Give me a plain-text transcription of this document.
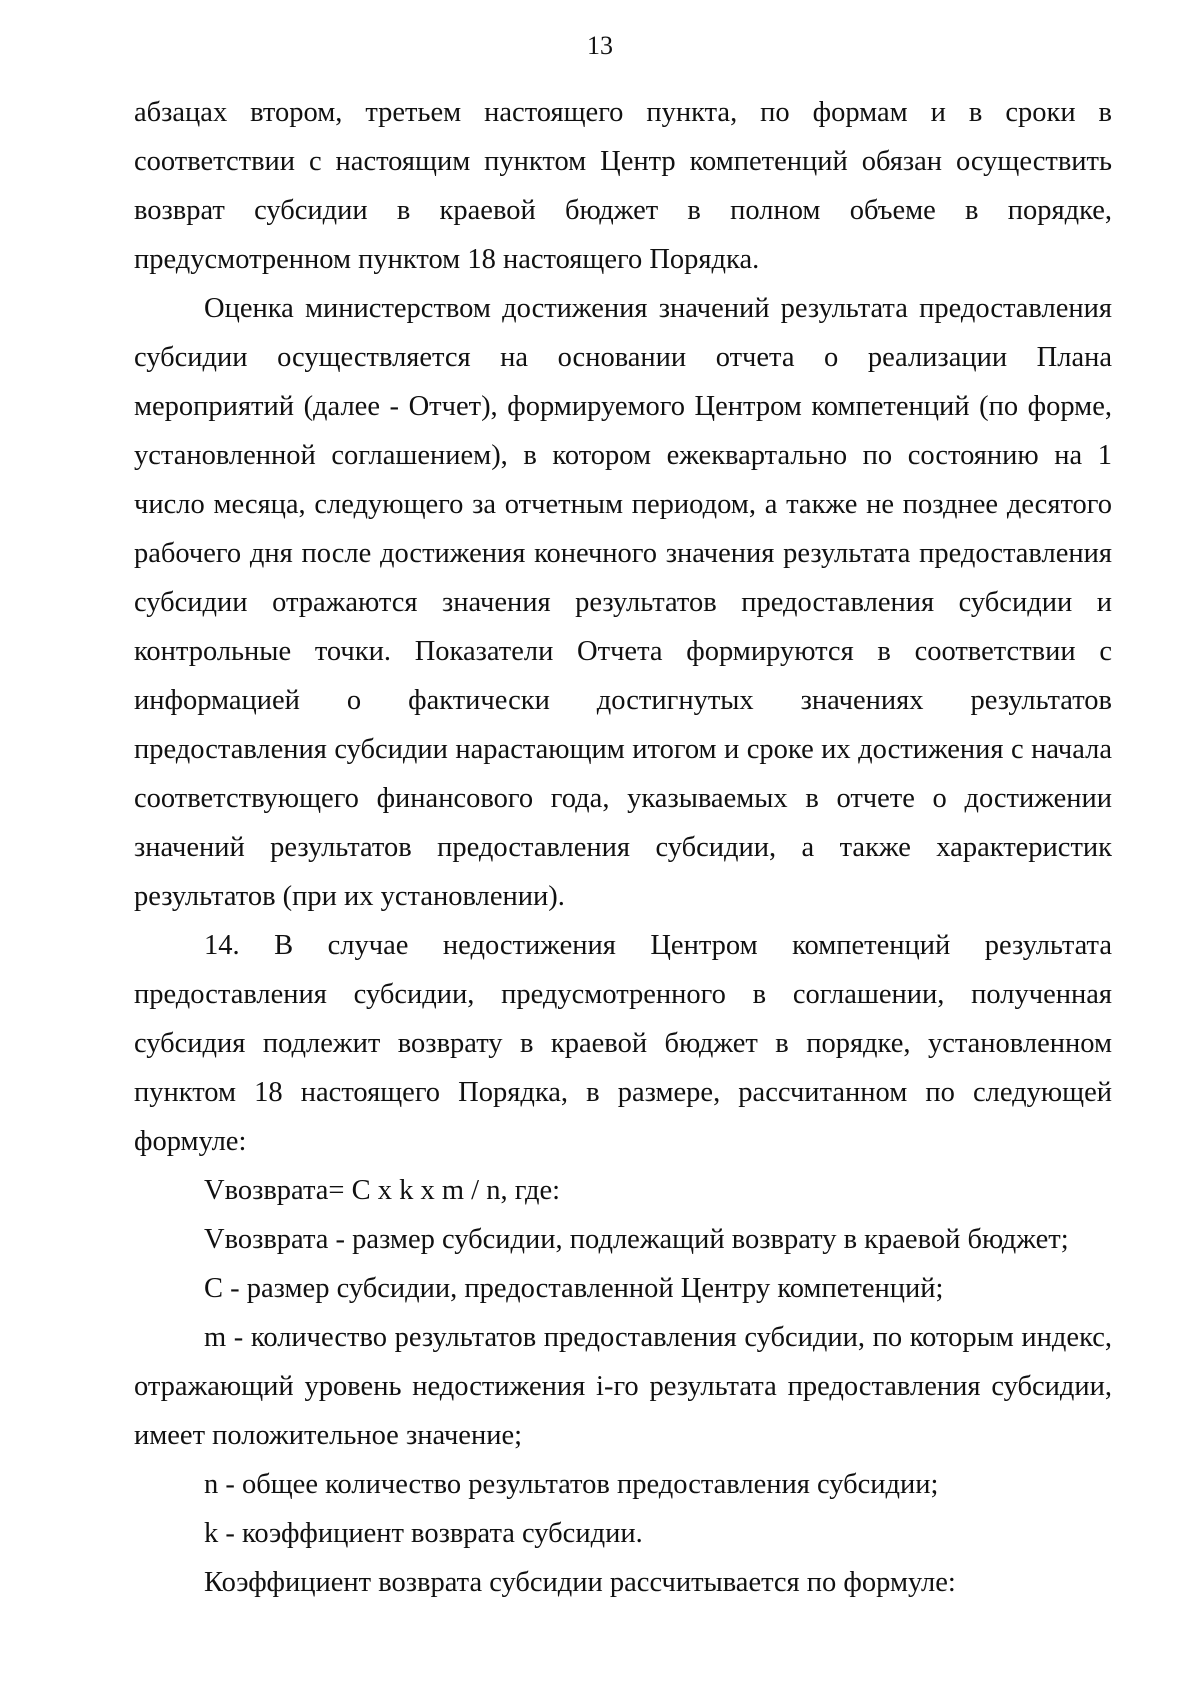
13

абзацах втором, третьем настоящего пункта, по формам и в сроки в соответствии с настоящим пунктом Центр компетенций обязан осуществить возврат субсидии в краевой бюджет в полном объеме в порядке, предусмотренном пунктом 18 настоящего Порядка.

Оценка министерством достижения значений результата предоставления субсидии осуществляется на основании отчета о реализации Плана мероприятий (далее - Отчет), формируемого Центром компетенций (по форме, установленной соглашением), в котором ежеквартально по состоянию на 1 число месяца, следующего за отчетным периодом, а также не позднее десятого рабочего дня после достижения конечного значения результата предоставления субсидии отражаются значения результатов предоставления субсидии и контрольные точки. Показатели Отчета формируются в соответствии с информацией о фактически достигнутых значениях результатов предоставления субсидии нарастающим итогом и сроке их достижения с начала соответствующего финансового года, указываемых в отчете о достижении значений результатов предоставления субсидии, а также характеристик результатов (при их установлении).

14. В случае недостижения Центром компетенций результата предоставления субсидии, предусмотренного в соглашении, полученная субсидия подлежит возврату в краевой бюджет в порядке, установленном пунктом 18 настоящего Порядка, в размере, рассчитанном по следующей формуле:

Vвозврата= C x k x m / n, где:

Vвозврата - размер субсидии, подлежащий возврату в краевой бюджет;

C - размер субсидии, предоставленной Центру компетенций;

m - количество результатов предоставления субсидии, по которым индекс, отражающий уровень недостижения i-го результата предоставления субсидии, имеет положительное значение;

n - общее количество результатов предоставления субсидии;

k - коэффициент возврата субсидии.

Коэффициент возврата субсидии рассчитывается по формуле:
